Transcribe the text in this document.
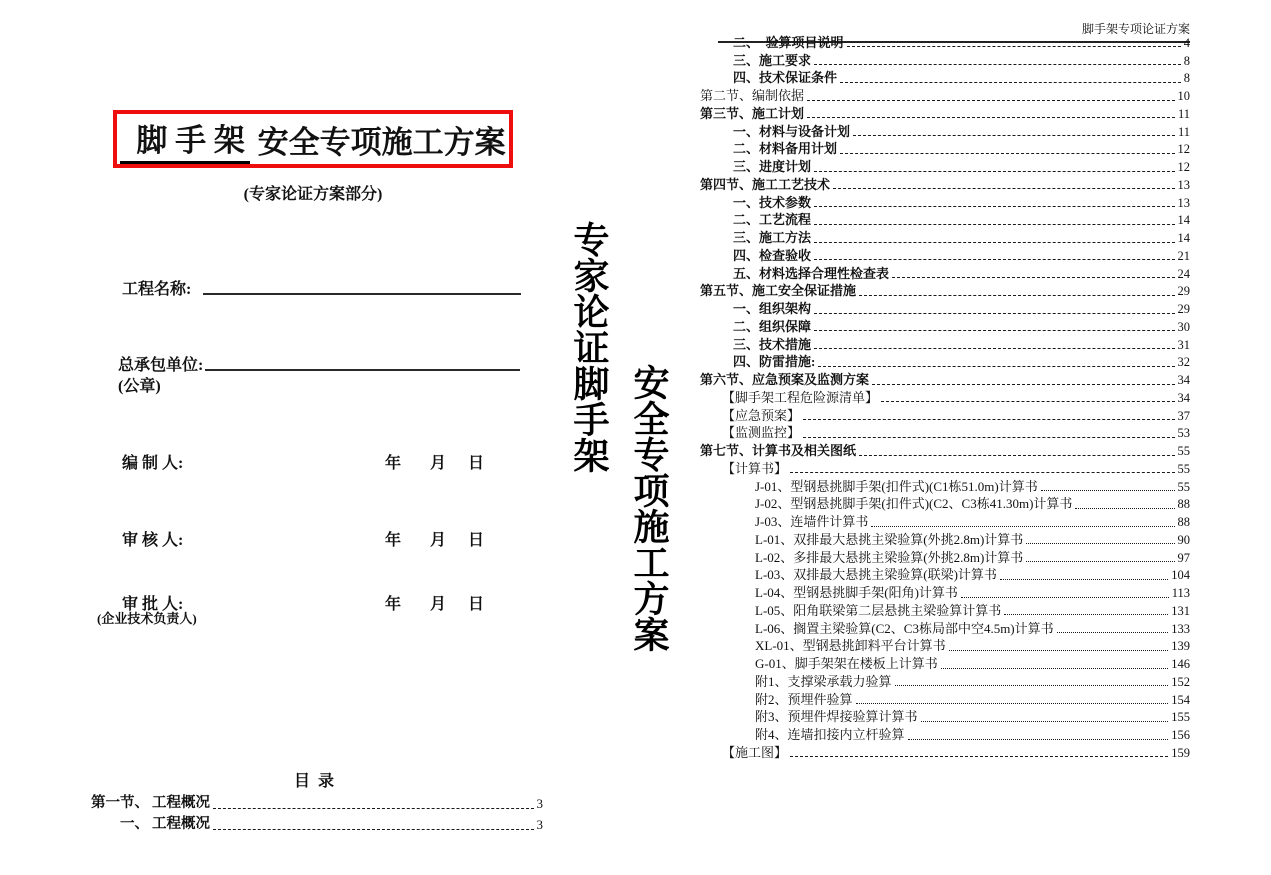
脚 手 架 安全专项施工方案
(专家论证方案部分)
工程名称:
总承包单位:
(公章)
编 制 人:	年 月 日
审 核 人:	年 月 日
审 批 人:	年 月 日
(企业技术负责人)
专家论证脚手架
安全专项施工方案
目  录
第一节、 工程概况	3
一、 工程概况	3
脚手架专项论证方案
二、　验算项目说明	4
三、施工要求	8
四、技术保证条件	8
第二节、编制依据	10
第三节、施工计划	11
一、材料与设备计划	11
二、材料备用计划	12
三、进度计划	12
第四节、施工工艺技术	13
一、技术参数	13
二、工艺流程	14
三、施工方法	14
四、检查验收	21
五、材料选择合理性检查表	24
第五节、施工安全保证措施	29
一、组织架构	29
二、组织保障	30
三、技术措施	31
四、防雷措施:	32
第六节、应急预案及监测方案	34
【脚手架工程危险源清单】	34
【应急预案】	37
【监测监控】	53
第七节、计算书及相关图纸	55
【计算书】	55
J-01、型钢悬挑脚手架(扣件式)(C1栋51.0m)计算书	55
J-02、型钢悬挑脚手架(扣件式)(C2、C3栋41.30m)计算书	88
J-03、连墙件计算书	88
L-01、双排最大悬挑主梁验算(外挑2.8m)计算书	90
L-02、多排最大悬挑主梁验算(外挑2.8m)计算书	97
L-03、双排最大悬挑主梁验算(联梁)计算书	104
L-04、型钢悬挑脚手架(阳角)计算书	113
L-05、阳角联梁第二层悬挑主梁验算计算书	131
L-06、搁置主梁验算(C2、C3栋局部中空4.5m)计算书	133
XL-01、型钢悬挑卸料平台计算书	139
G-01、脚手架架在楼板上计算书	146
附1、支撑梁承载力验算	152
附2、预埋件验算	154
附3、预埋件焊接验算计算书	155
附4、连墙扣接内立杆验算	156
【施工图】	159
